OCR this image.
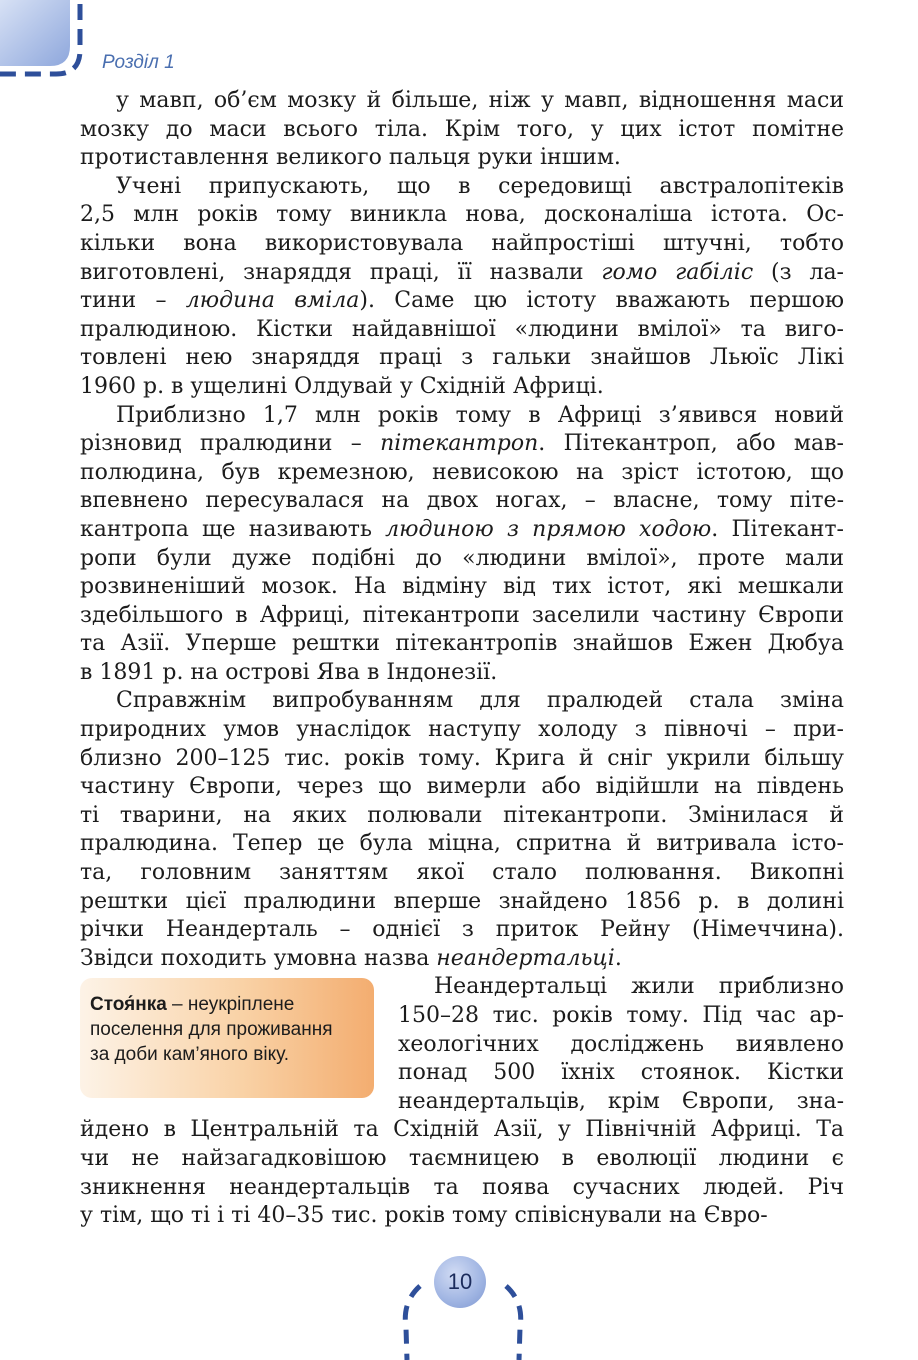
Розділ 1

у мавп, об’єм мозку й більше, ніж у мавп, відношення маси
мозку до маси всього тіла. Крім того, у цих істот помітне
протиставлення великого пальця руки іншим.

Учені припускають, що в середовищі австралопітеків
2,5 млн років тому виникла нова, досконаліша істота. Ос-
кільки вона використовувала найпростіші штучні, тобто
виготовлені, знаряддя праці, її назвали гомо габіліс (з ла-
тини – людина вміла). Саме цю істоту вважають першою
пралюдиною. Кістки найдавнішої «людини вмілої» та виго-
товлені нею знаряддя праці з гальки знайшов Льюїс Лікі
1960 р. в ущелині Олдувай у Східній Африці.

Приблизно 1,7 млн років тому в Африці з’явився новий
різновид пралюдини – пітекантроп. Пітекантроп, або мав-
полюдина, був кремезною, невисокою на зріст істотою, що
впевнено пересувалася на двох ногах, – власне, тому піте-
кантропа ще називають людиною з прямою ходою. Пітекант-
ропи були дуже подібні до «людини вмілої», проте мали
розвиненіший мозок. На відміну від тих істот, які мешкали
здебільшого в Африці, пітекантропи заселили частину Європи
та Азії. Уперше рештки пітекантропів знайшов Ежен Дюбуа
в 1891 р. на острові Ява в Індонезії.

Справжнім випробуванням для пралюдей стала зміна
природних умов унаслідок наступу холоду з півночі – при-
близно 200–125 тис. років тому. Крига й сніг укрили більшу
частину Європи, через що вимерли або відійшли на південь
ті тварини, на яких полювали пітекантропи. Змінилася й
пралюдина. Тепер це була міцна, спритна й витривала істо-
та, головним заняттям якої стало полювання. Викопні
рештки цієї пралюдини вперше знайдено 1856 р. в долині
річки Неандерталь – однієї з приток Рейну (Німеччина).
Звідси походить умовна назва неандертальці.

Неандертальці жили приблизно
150–28 тис. років тому. Під час ар-
хеологічних досліджень виявлено
понад 500 їхніх стоянок. Кістки
неандертальців, крім Європи, зна-
йдено в Центральній та Східній Азії, у Північній Африці. Та
чи не найзагадковішою таємницею в еволюції людини є
зникнення неандертальців та поява сучасних людей. Річ
у тім, що ті і ті 40–35 тис. років тому співіснували на Євро-

Стоя́нка – неукріплене поселення для проживання за доби кам’яного віку.
10
